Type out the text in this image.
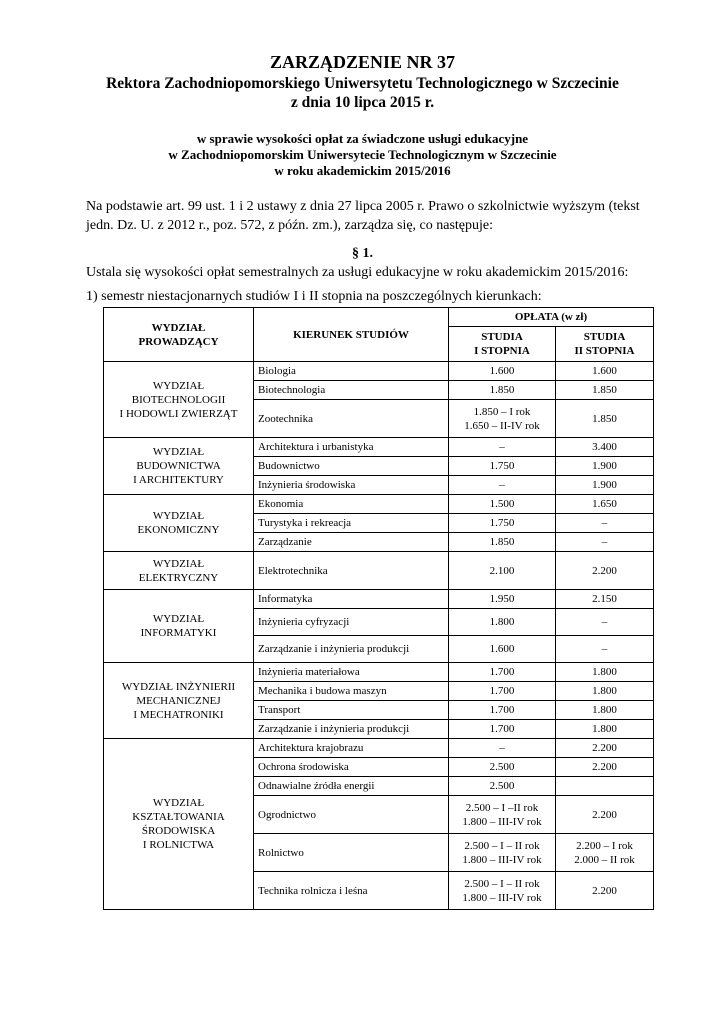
ZARZĄDZENIE NR 37
Rektora Zachodniopomorskiego Uniwersytetu Technologicznego w Szczecinie
z dnia 10 lipca 2015 r.
w sprawie wysokości opłat za świadczone usługi edukacyjne
w Zachodniopomorskim Uniwersytecie Technologicznym w Szczecinie
w roku akademickim 2015/2016
Na podstawie art. 99 ust. 1 i 2 ustawy z dnia 27 lipca 2005 r. Prawo o szkolnictwie wyższym (tekst
jedn. Dz. U. z 2012 r., poz. 572, z późn. zm.), zarządza się, co następuje:
§ 1.
Ustala się wysokości opłat semestralnych za usługi edukacyjne w roku akademickim 2015/2016:
1) semestr niestacjonarnych studiów I i II stopnia na poszczególnych kierunkach:
WYDZIAŁ
PROWADZĄCY	KIERUNEK STUDIÓW	OPŁATA (w zł)	

		STUDIA
I STOPNIA	STUDIA
II STOPNIA

WYDZIAŁ
BIOTECHNOLOGII
I HODOWLI ZWIERZĄT	Biologia	1.600	1.600

	Biotechnologia	1.850	1.850

	Zootechnika	1.850 – I rok
1.650 – II-IV rok	1.850

WYDZIAŁ
BUDOWNICTWA
I ARCHITEKTURY	Architektura i urbanistyka	–	3.400

	Budownictwo	1.750	1.900

	Inżynieria środowiska	–	1.900

WYDZIAŁ
EKONOMICZNY	Ekonomia	1.500	1.650

	Turystyka i rekreacja	1.750	–

	Zarządzanie	1.850	–

WYDZIAŁ
ELEKTRYCZNY	Elektrotechnika	2.100	2.200

WYDZIAŁ
INFORMATYKI	Informatyka	1.950	2.150

	Inżynieria cyfryzacji	1.800	–

	Zarządzanie i inżynieria produkcji	1.600	–

WYDZIAŁ INŻYNIERII
MECHANICZNEJ
I MECHATRONIKI	Inżynieria materiałowa	1.700	1.800

	Mechanika i budowa maszyn	1.700	1.800

	Transport	1.700	1.800

	Zarządzanie i inżynieria produkcji	1.700	1.800

WYDZIAŁ
KSZTAŁTOWANIA
ŚRODOWISKA
I ROLNICTWA	Architektura krajobrazu	–	2.200

	Ochrona środowiska	2.500	2.200

	Odnawialne źródła energii	2.500	

	Ogrodnictwo	2.500 – I –II rok
1.800 – III-IV rok	2.200

	Rolnictwo	2.500 – I – II rok
1.800 – III-IV rok	2.200 – I rok
2.000 – II rok

	Technika rolnicza i leśna	2.500 – I – II rok
1.800 – III-IV rok	2.200
